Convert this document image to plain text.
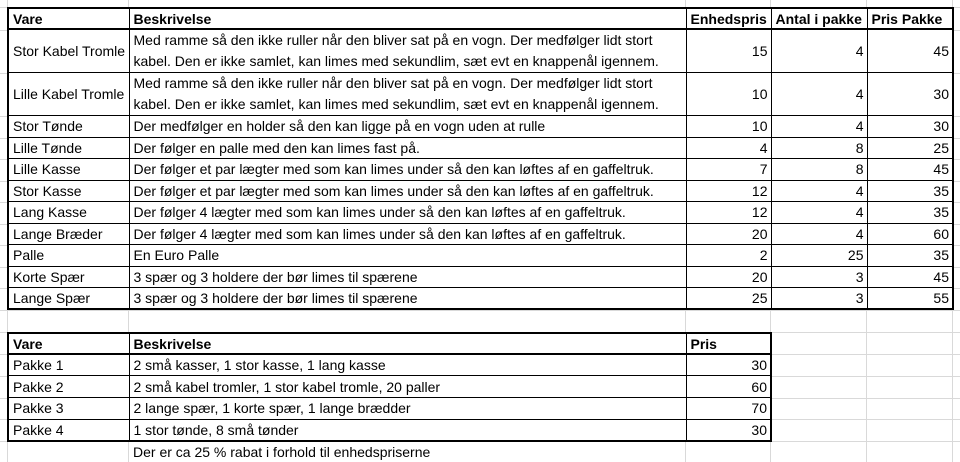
Vare	Beskrivelse	Enhedspris	Antal i pakke	Pris Pakke
Stor Kabel Tromle	Med ramme så den ikke ruller når den bliver sat på en vogn. Der medfølger lidt stort kabel. Den er ikke samlet, kan limes med sekundlim, sæt evt en knappenål igennem.	15	4	45
Lille Kabel Tromle	Med ramme så den ikke ruller når den bliver sat på en vogn. Der medfølger lidt stort kabel. Den er ikke samlet, kan limes med sekundlim, sæt evt en knappenål igennem.	10	4	30
Stor Tønde	Der medfølger en holder så den kan ligge på en vogn uden at rulle	10	4	30
Lille Tønde	Der følger en palle med den kan limes fast på.	4	8	25
Lille Kasse	Der følger et par lægter med som kan limes under så den kan løftes af en gaffeltruk.	7	8	45
Stor Kasse	Der følger et par lægter med som kan limes under så den kan løftes af en gaffeltruk.	12	4	35
Lang Kasse	Der følger 4 lægter med som kan limes under så den kan løftes af en gaffeltruk.	12	4	35
Lange Bræder	Der følger 4 lægter med som kan limes under så den kan løftes af en gaffeltruk.	20	4	60
Palle	En Euro Palle	2	25	35
Korte Spær	3 spær og 3 holdere der bør limes til spærene	20	3	45
Lange Spær	3 spær og 3 holdere der bør limes til spærene	25	3	55
Vare	Beskrivelse	Pris
Pakke 1	2 små kasser, 1 stor kasse, 1 lang kasse	30
Pakke 2	2 små kabel tromler, 1 stor kabel tromle, 20 paller	60
Pakke 3	2 lange spær, 1 korte spær, 1 lange brædder	70
Pakke 4	1 stor tønde, 8 små tønder	30
Der er ca 25 % rabat i forhold til enhedspriserne
